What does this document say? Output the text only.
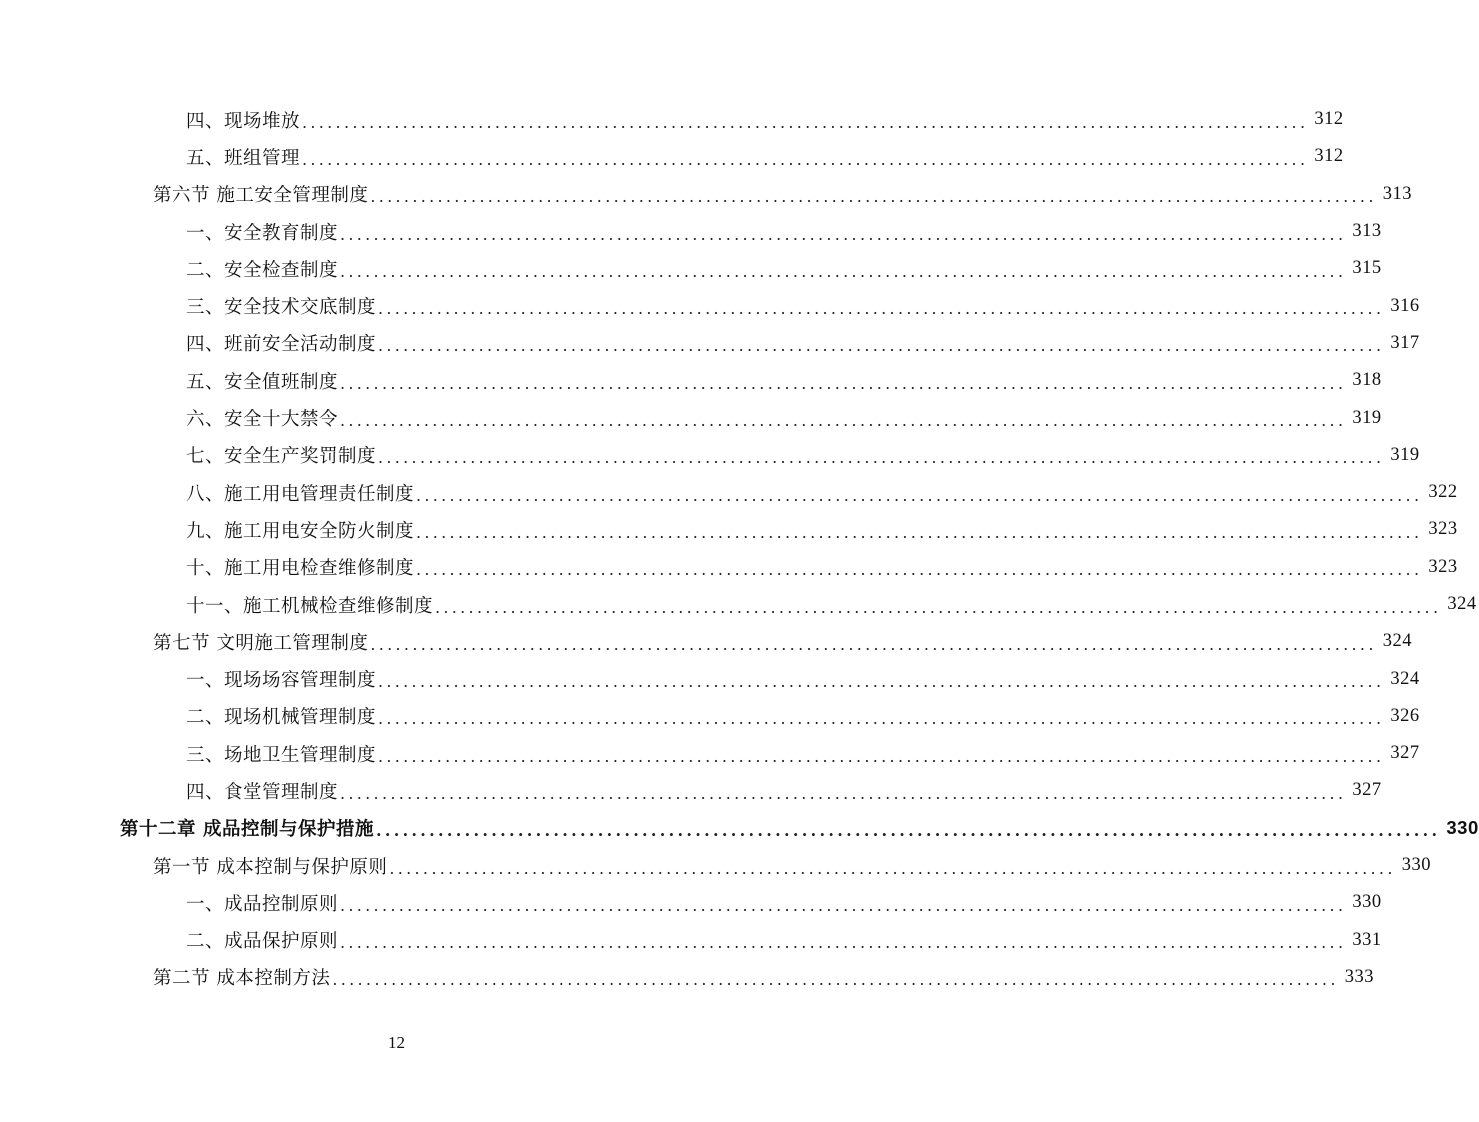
四、现场堆放 ........................................................................................................................ 312
五、班组管理 ........................................................................................................................ 312
第六节 施工安全管理制度 ........................................................................................................................ 313
一、安全教育制度 ........................................................................................................................ 313
二、安全检查制度 ........................................................................................................................ 315
三、安全技术交底制度 ........................................................................................................................ 316
四、班前安全活动制度 ........................................................................................................................ 317
五、安全值班制度 ........................................................................................................................ 318
六、安全十大禁令 ........................................................................................................................ 319
七、安全生产奖罚制度 ........................................................................................................................ 319
八、施工用电管理责任制度 ........................................................................................................................ 322
九、施工用电安全防火制度 ........................................................................................................................ 323
十、施工用电检查维修制度 ........................................................................................................................ 323
十一、施工机械检查维修制度 ........................................................................................................................ 324
第七节 文明施工管理制度 ........................................................................................................................ 324
一、现场场容管理制度 ........................................................................................................................ 324
二、现场机械管理制度 ........................................................................................................................ 326
三、场地卫生管理制度 ........................................................................................................................ 327
四、食堂管理制度 ........................................................................................................................ 327
第十二章 成品控制与保护措施 ........................................................................................................................ 330
第一节 成本控制与保护原则 ........................................................................................................................ 330
一、成品控制原则 ........................................................................................................................ 330
二、成品保护原则 ........................................................................................................................ 331
第二节 成本控制方法 ........................................................................................................................ 333
12
